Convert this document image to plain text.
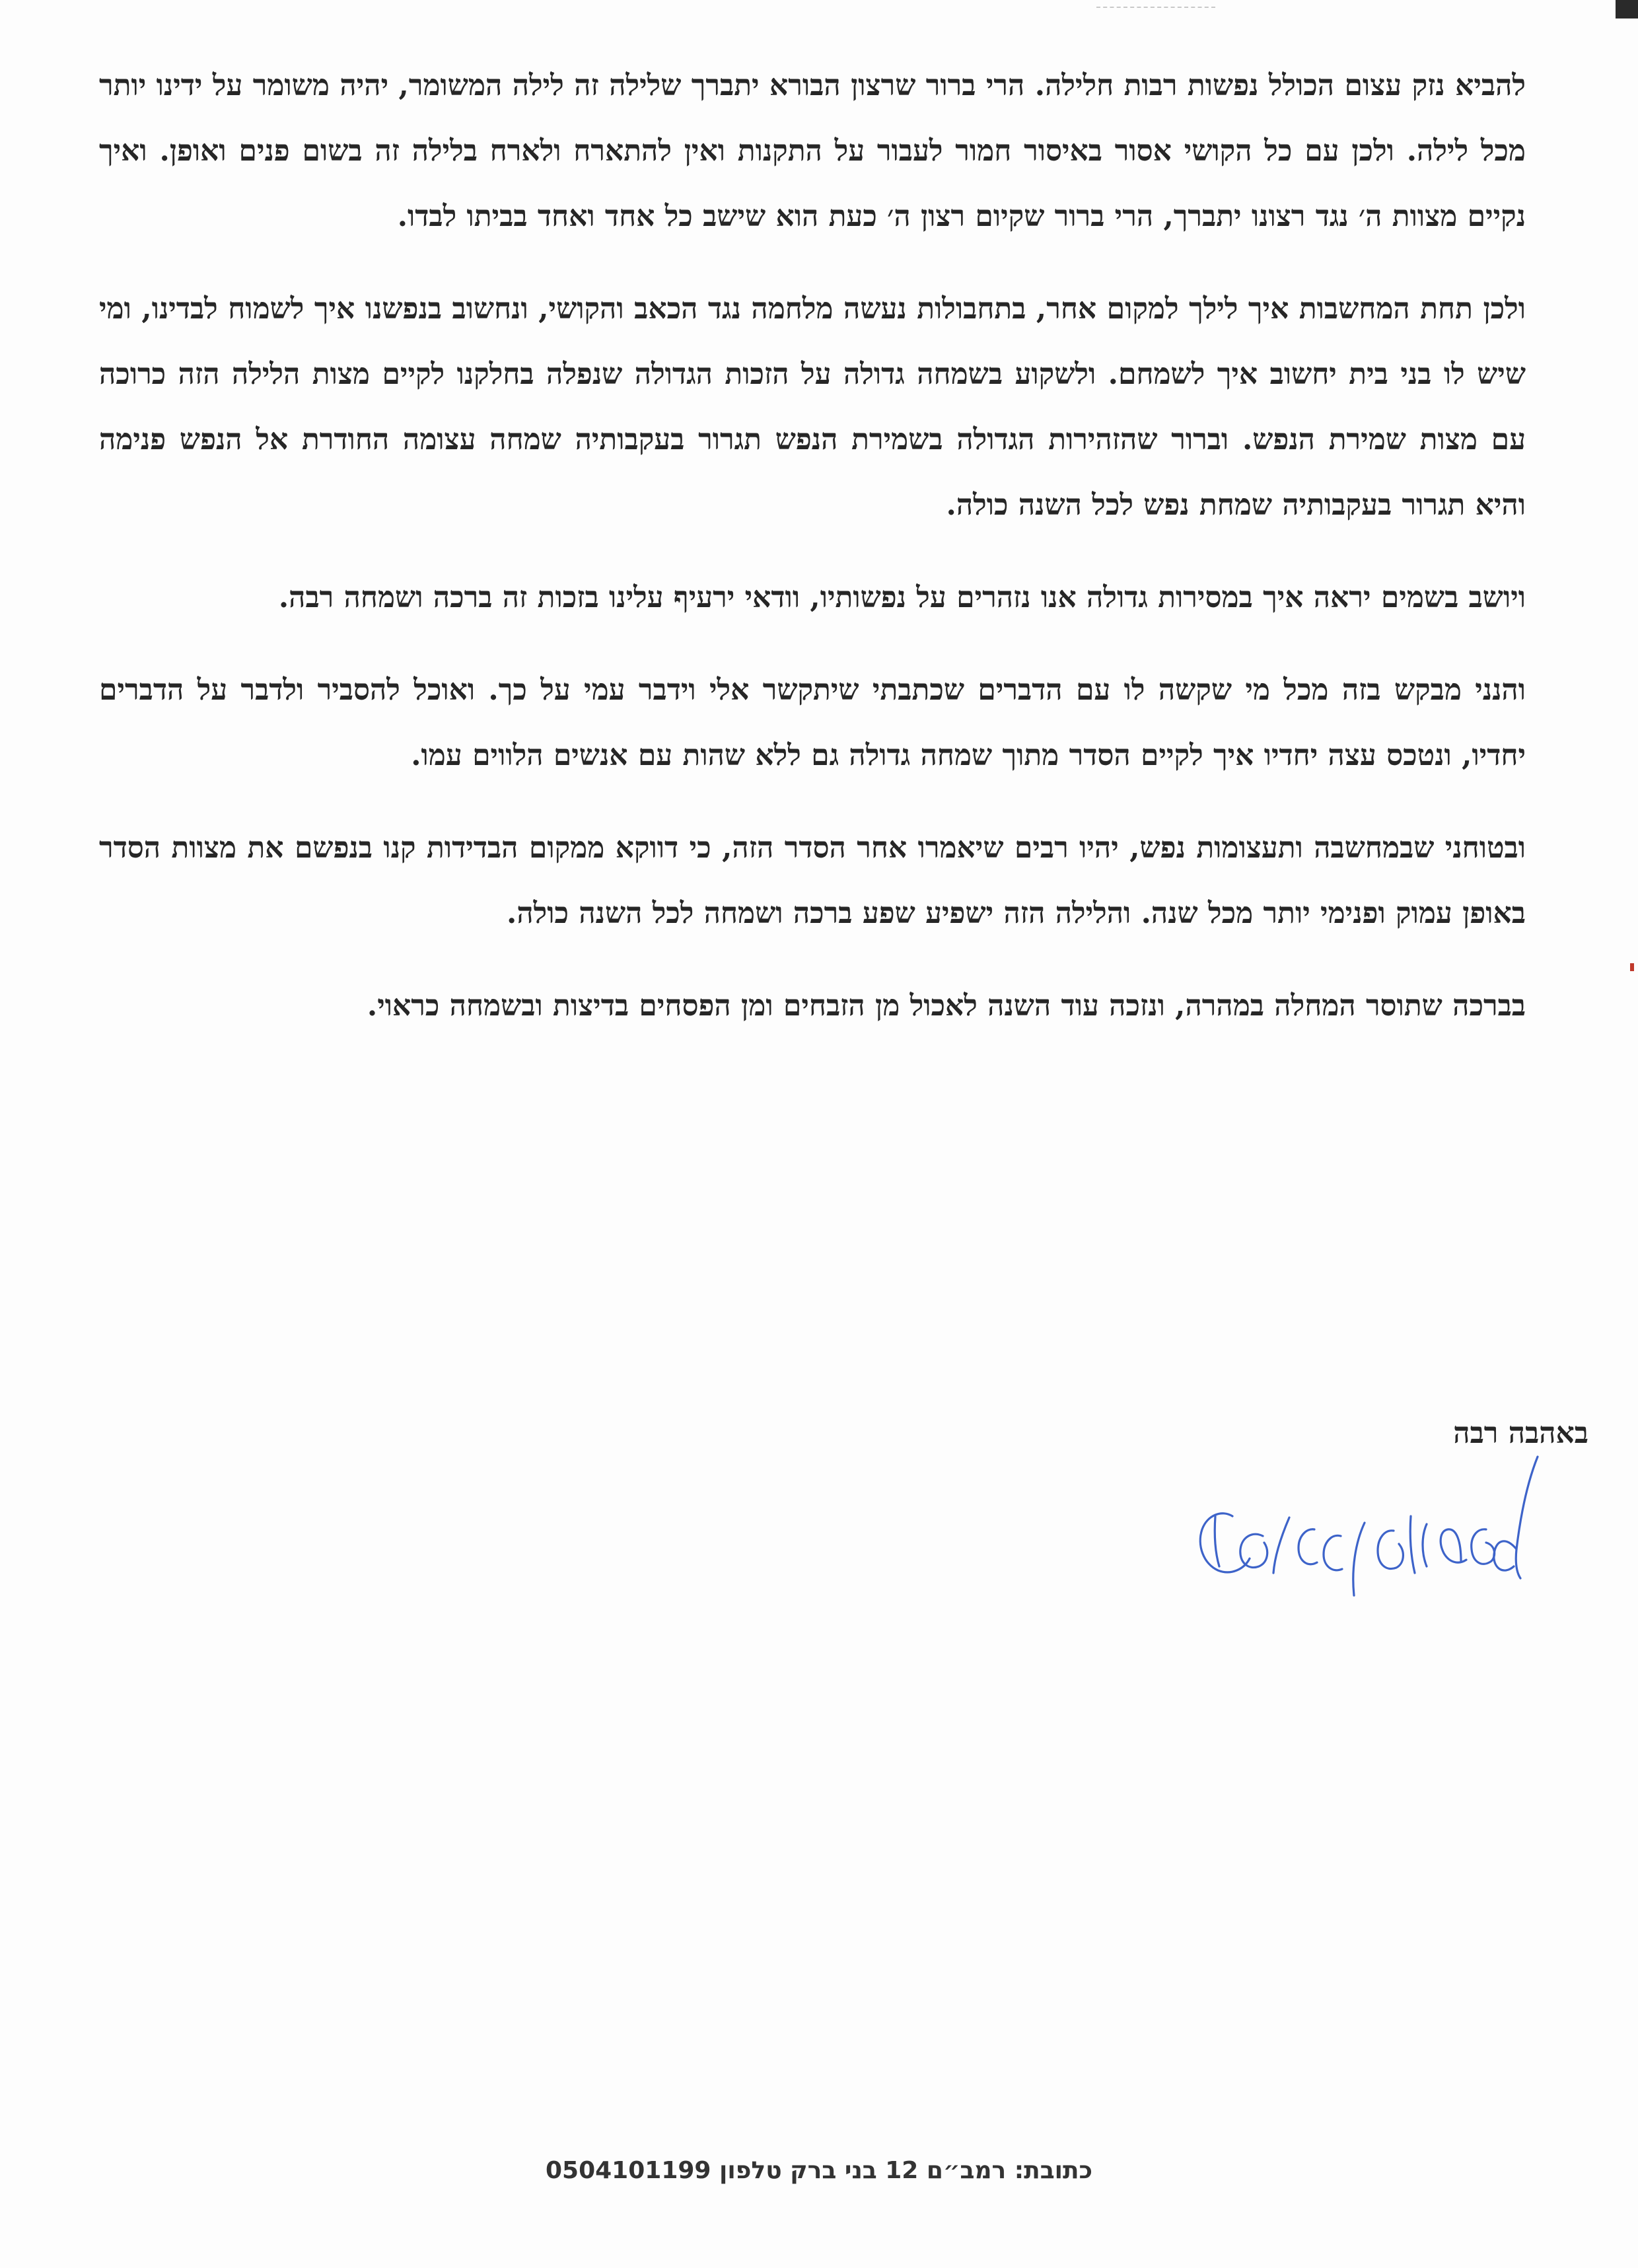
להביא נזק עצום הכולל נפשות רבות חלילה. הרי ברור שרצון הבורא יתברך שלילה זה לילה המשומר, יהיה משומר על ידינו יותר מכל לילה. ולכן עם כל הקושי אסור באיסור חמור לעבור על התקנות ואין להתארח ולארח בלילה זה בשום פנים ואופן. ואיך נקיים מצוות ה׳ נגד רצונו יתברך, הרי ברור שקיום רצון ה׳ כעת הוא שישב כל אחד ואחד בביתו לבדו.

ולכן תחת המחשבות איך לילך למקום אחר, בתחבולות נעשה מלחמה נגד הכאב והקושי, ונחשוב בנפשנו איך לשמוח לבדינו, ומי שיש לו בני בית יחשוב איך לשמחם. ולשקוע בשמחה גדולה על הזכות הגדולה שנפלה בחלקנו לקיים מצות הלילה הזה כרוכה עם מצות שמירת הנפש. וברור שהזהירות הגדולה בשמירת הנפש תגרור בעקבותיה שמחה עצומה החודרת אל הנפש פנימה והיא תגרור בעקבותיה שמחת נפש לכל השנה כולה.

ויושב בשמים יראה איך במסירות גדולה אנו נזהרים על נפשותיו, וודאי ירעיף עלינו בזכות זה ברכה ושמחה רבה.

והנני מבקש בזה מכל מי שקשה לו עם הדברים שכתבתי שיתקשר אלי וידבר עמי על כך. ואוכל להסביר ולדבר על הדברים יחדיו, ונטכס עצה יחדיו איך לקיים הסדר מתוך שמחה גדולה גם ללא שהות עם אנשים הלווים עמו.

ובטוחני שבמחשבה ותעצומות נפש, יהיו רבים שיאמרו אחר הסדר הזה, כי דווקא ממקום הבדידות קנו בנפשם את מצוות הסדר באופן עמוק ופנימי יותר מכל שנה. והלילה הזה ישפיע שפע ברכה ושמחה לכל השנה כולה.

בברכה שתוסר המחלה במהרה, ונזכה עוד השנה לאכול מן הזבחים ומן הפסחים בדיצות ובשמחה כראוי.

באהבה רבה
כתובת: רמב״ם 12 בני ברק טלפון 0504101199
